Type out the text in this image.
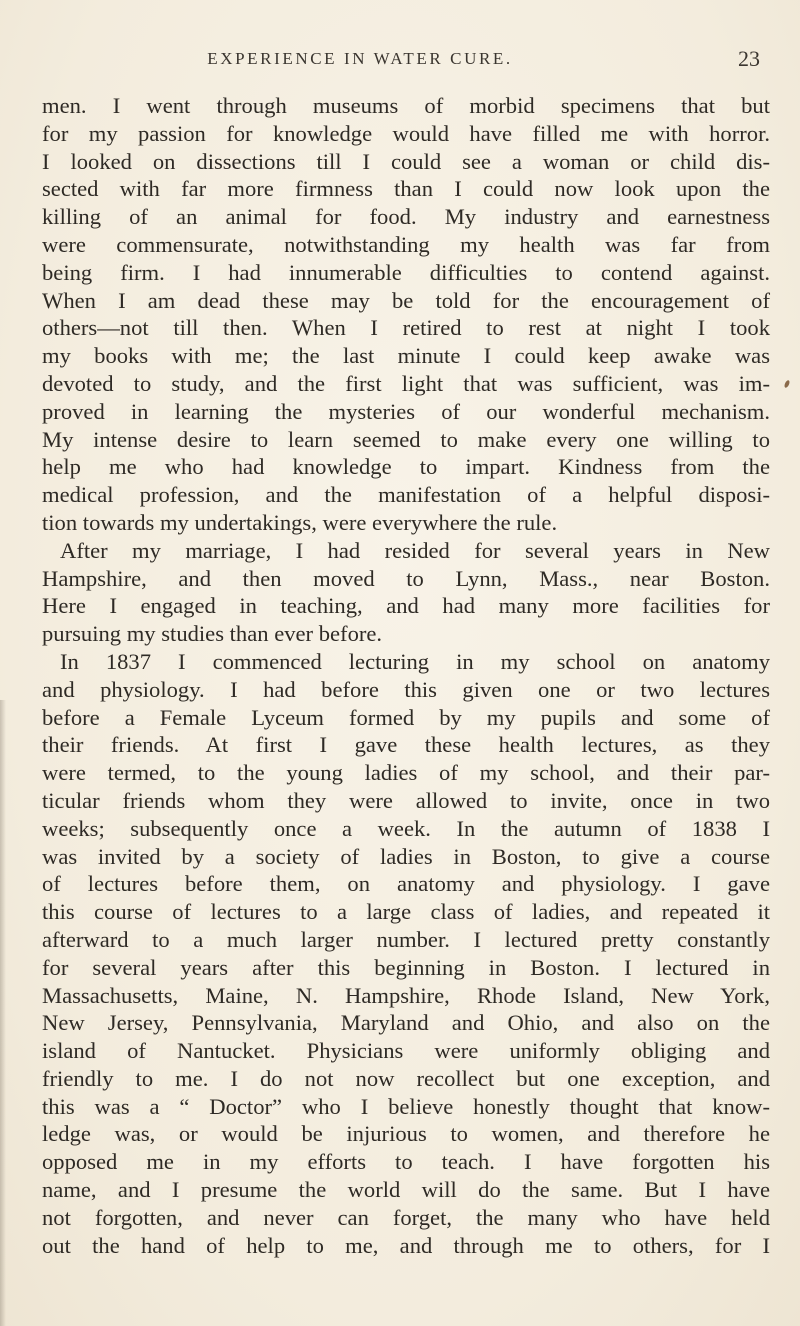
EXPERIENCE IN WATER CURE.	23
men. I went through museums of morbid specimens that but
for my passion for knowledge would have filled me with horror.
I looked on dissections till I could see a woman or child dis-
sected with far more firmness than I could now look upon the
killing of an animal for food. My industry and earnestness
were commensurate, notwithstanding my health was far from
being firm. I had innumerable difficulties to contend against.
When I am dead these may be told for the encouragement of
others—not till then. When I retired to rest at night I took
my books with me; the last minute I could keep awake was
devoted to study, and the first light that was sufficient, was im-
proved in learning the mysteries of our wonderful mechanism.
My intense desire to learn seemed to make every one willing to
help me who had knowledge to impart. Kindness from the
medical profession, and the manifestation of a helpful disposi-
tion towards my undertakings, were everywhere the rule.
After my marriage, I had resided for several years in New
Hampshire, and then moved to Lynn, Mass., near Boston.
Here I engaged in teaching, and had many more facilities for
pursuing my studies than ever before.
In 1837 I commenced lecturing in my school on anatomy
and physiology. I had before this given one or two lectures
before a Female Lyceum formed by my pupils and some of
their friends. At first I gave these health lectures, as they
were termed, to the young ladies of my school, and their par-
ticular friends whom they were allowed to invite, once in two
weeks; subsequently once a week. In the autumn of 1838 I
was invited by a society of ladies in Boston, to give a course
of lectures before them, on anatomy and physiology. I gave
this course of lectures to a large class of ladies, and repeated it
afterward to a much larger number. I lectured pretty constantly
for several years after this beginning in Boston. I lectured in
Massachusetts, Maine, N. Hampshire, Rhode Island, New York,
New Jersey, Pennsylvania, Maryland and Ohio, and also on the
island of Nantucket. Physicians were uniformly obliging and
friendly to me. I do not now recollect but one exception, and
this was a “ Doctor” who I believe honestly thought that know-
ledge was, or would be injurious to women, and therefore he
opposed me in my efforts to teach. I have forgotten his
name, and I presume the world will do the same. But I have
not forgotten, and never can forget, the many who have held
out the hand of help to me, and through me to others, for I
